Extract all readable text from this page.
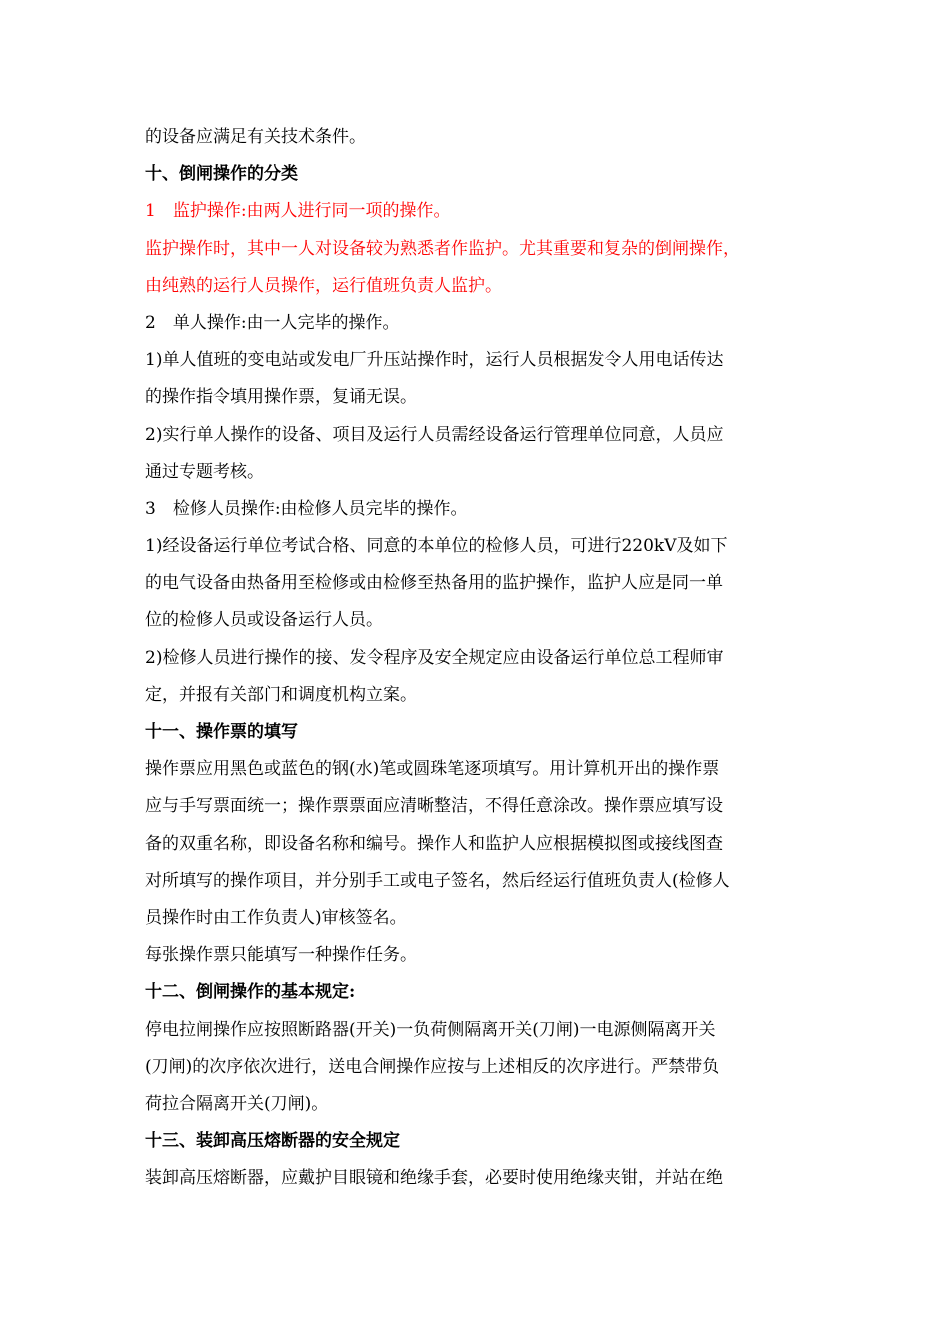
的设备应满足有关技术条件。
十、倒闸操作的分类
1　监护操作:由两人进行同一项的操作。
监护操作时，其中一人对设备较为熟悉者作监护。尤其重要和复杂的倒闸操作，
由纯熟的运行人员操作，运行值班负责人监护。
2　单人操作:由一人完毕的操作。
1)单人值班的变电站或发电厂升压站操作时，运行人员根据发令人用电话传达
的操作指令填用操作票，复诵无误。
2)实行单人操作的设备、项目及运行人员需经设备运行管理单位同意，人员应
通过专题考核。
3　检修人员操作:由检修人员完毕的操作。
1)经设备运行单位考试合格、同意的本单位的检修人员，可进行220kV及如下
的电气设备由热备用至检修或由检修至热备用的监护操作，监护人应是同一单
位的检修人员或设备运行人员。
2)检修人员进行操作的接、发令程序及安全规定应由设备运行单位总工程师审
定，并报有关部门和调度机构立案。
十一、操作票的填写
操作票应用黑色或蓝色的钢(水)笔或圆珠笔逐项填写。用计算机开出的操作票
应与手写票面统一；操作票票面应清晰整洁，不得任意涂改。操作票应填写设
备的双重名称，即设备名称和编号。操作人和监护人应根据模拟图或接线图查
对所填写的操作项目，并分别手工或电子签名，然后经运行值班负责人(检修人
员操作时由工作负责人)审核签名。
每张操作票只能填写一种操作任务。
十二、倒闸操作的基本规定:
停电拉闸操作应按照断路器(开关)一负荷侧隔离开关(刀闸)一电源侧隔离开关
(刀闸)的次序依次进行，送电合闸操作应按与上述相反的次序进行。严禁带负
荷拉合隔离开关(刀闸)。
十三、装卸高压熔断器的安全规定
装卸高压熔断器，应戴护目眼镜和绝缘手套，必要时使用绝缘夹钳，并站在绝
